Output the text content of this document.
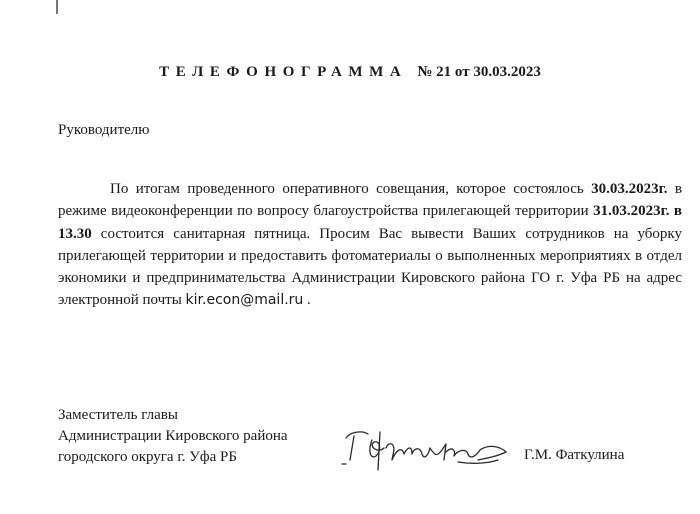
ТЕЛЕФОНОГРАММА № 21 от 30.03.2023
Руководителю

По итогам проведенного оперативного совещания, которое состоялось 30.03.2023г. в режиме видеоконференции по вопросу благоустройства прилегающей территории 31.03.2023г. в 13.30 состоится санитарная пятница. Просим Вас вывести Ваших сотрудников на уборку прилегающей территории и предоставить фотоматериалы о выполненных мероприятиях в отдел экономики и предпринимательства Администрации Кировского района ГО г. Уфа РБ на адрес электронной почты kir.econ@mail.ru .

Заместитель главы
Администрации Кировского района
городского округа г. Уфа РБ	Г.М. Фаткулина
